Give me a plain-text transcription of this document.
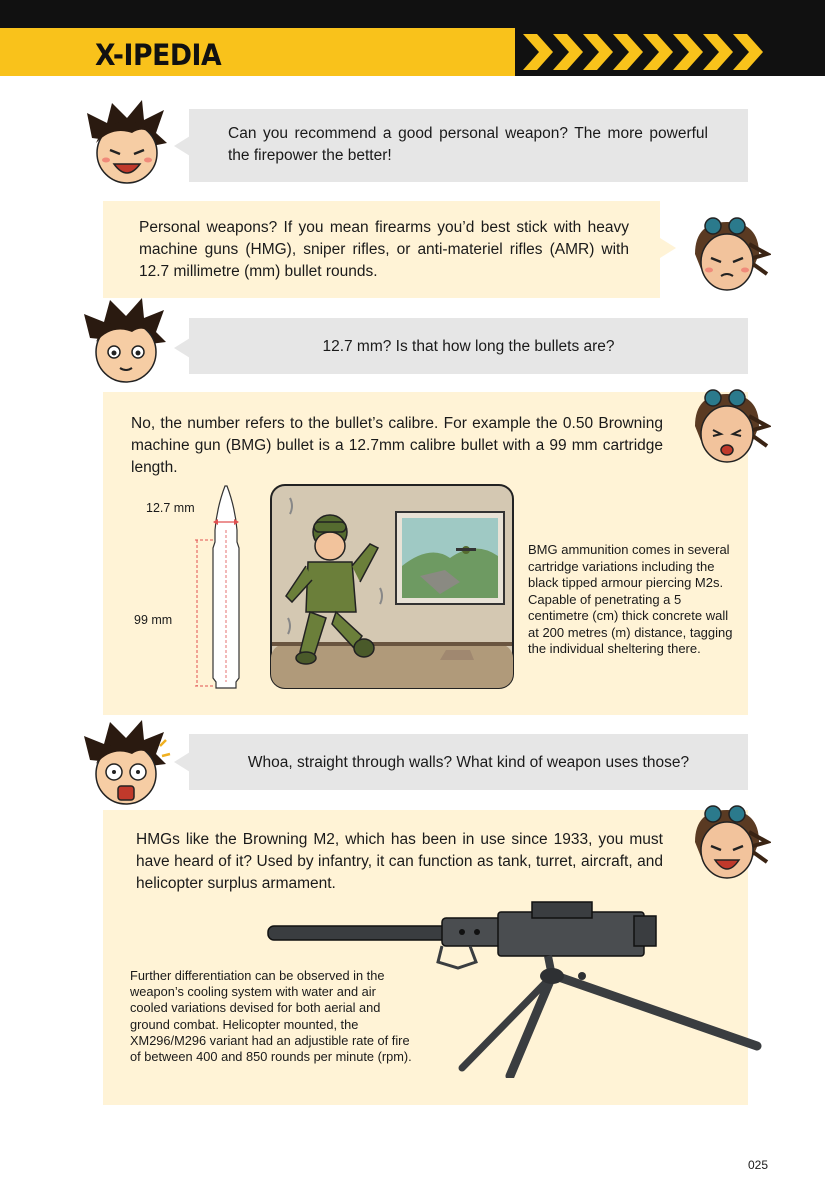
X-IPEDIA
Can you recommend a good personal weapon? The more powerful the firepower the better!
Personal weapons? If you mean firearms you’d best stick with heavy machine guns (HMG), sniper rifles, or anti-materiel rifles (AMR) with 12.7 millimetre (mm) bullet rounds.
12.7 mm? Is that how long the bullets are?
No, the number refers to the bullet’s calibre. For example the 0.50 Browning machine gun (BMG) bullet is a 12.7mm calibre bullet with a 99 mm cartridge length.
12.7 mm
99 mm
BMG ammunition comes in several cartridge variations including the black tipped armour piercing M2s. Capable of penetrating a 5 centimetre (cm) thick concrete wall at 200 metres (m) distance, tagging the individual sheltering there.
Whoa, straight through walls? What kind of weapon uses those?
HMGs like the Browning M2, which has been in use since 1933, you must have heard of it? Used by infantry, it can function as tank, turret, aircraft, and helicopter surplus armament.
Further differentiation can be observed in the weapon’s cooling system with water and air cooled variations devised for both aerial and ground combat. Helicopter mounted, the XM296/M296 variant had an adjustible rate of fire of between 400 and 850 rounds per minute (rpm).
025
